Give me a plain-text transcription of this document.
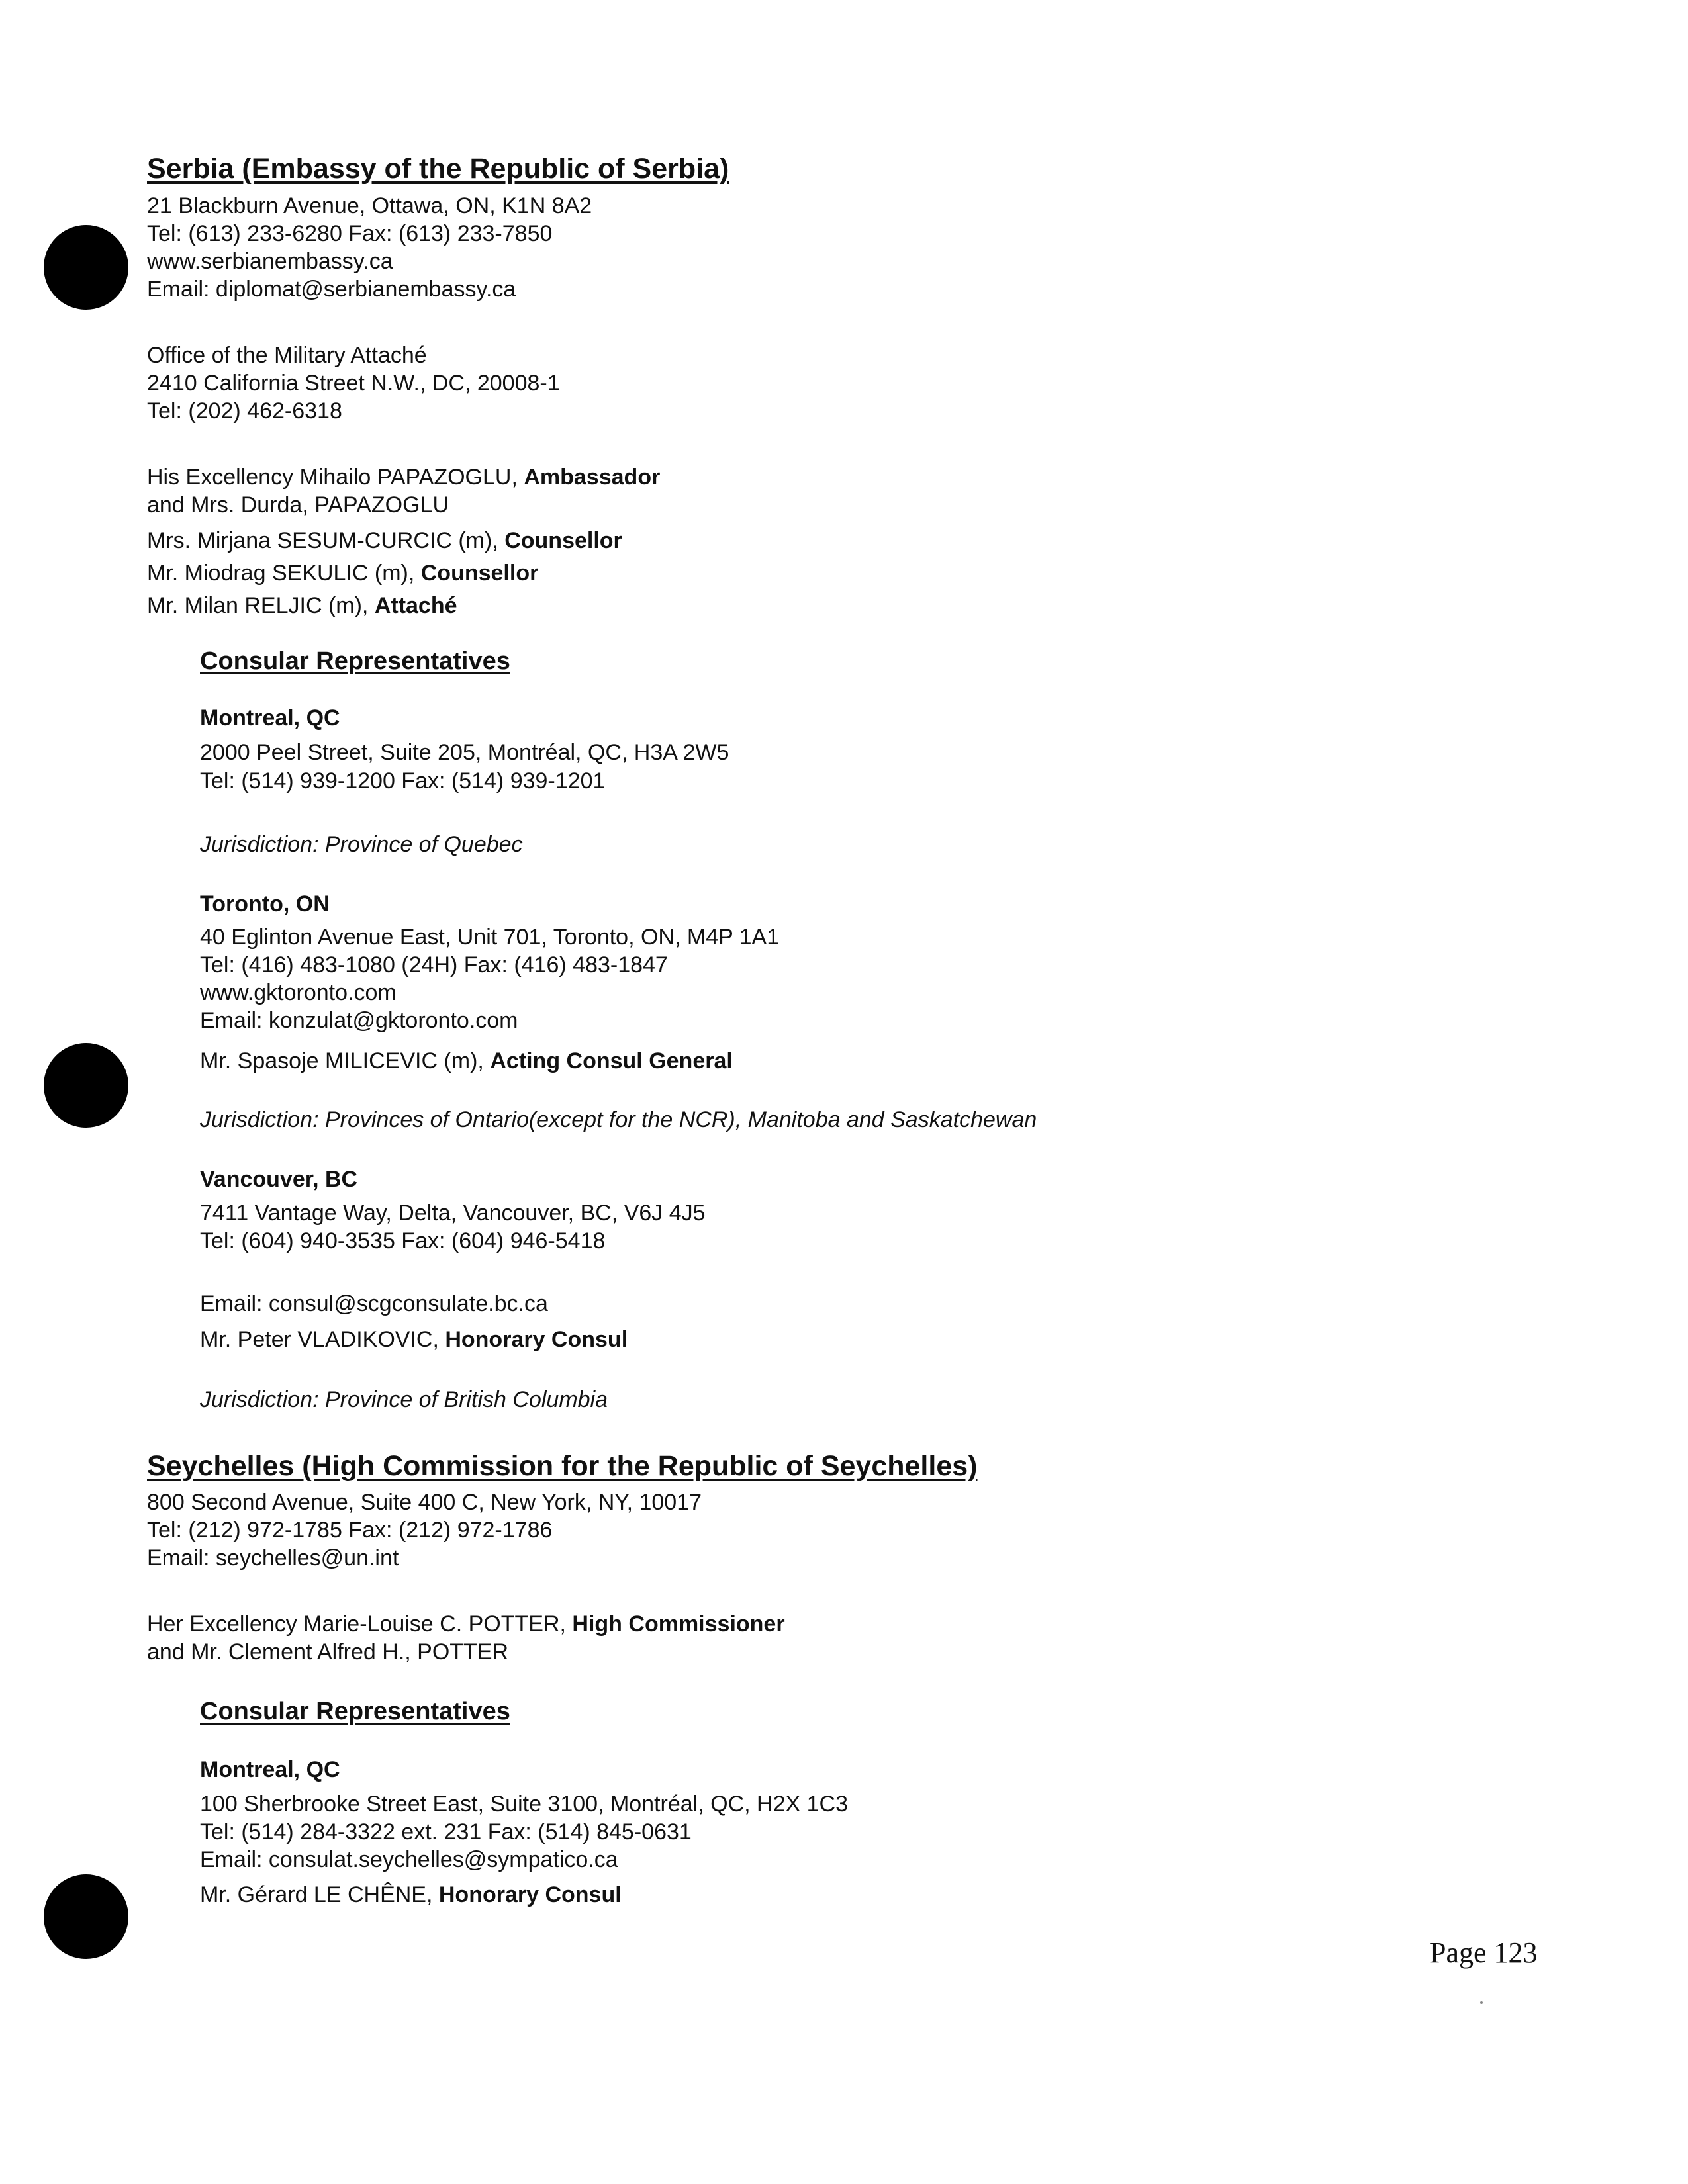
Serbia (Embassy of the Republic of Serbia)
21 Blackburn Avenue, Ottawa, ON, K1N 8A2
Tel: (613) 233-6280 Fax: (613) 233-7850
www.serbianembassy.ca
Email: diplomat@serbianembassy.ca
Office of the Military Attaché
2410 California Street N.W., DC, 20008-1
Tel: (202) 462-6318
His Excellency Mihailo PAPAZOGLU, Ambassador
and Mrs. Durda, PAPAZOGLU
Mrs. Mirjana SESUM-CURCIC (m), Counsellor
Mr. Miodrag SEKULIC (m), Counsellor
Mr. Milan RELJIC (m), Attaché
Consular Representatives
Montreal, QC
2000 Peel Street, Suite 205, Montréal, QC, H3A 2W5
Tel: (514) 939-1200 Fax: (514) 939-1201
Jurisdiction: Province of Quebec
Toronto, ON
40 Eglinton Avenue East, Unit 701, Toronto, ON, M4P 1A1
Tel: (416) 483-1080 (24H) Fax: (416) 483-1847
www.gktoronto.com
Email: konzulat@gktoronto.com
Mr. Spasoje MILICEVIC (m), Acting Consul General
Jurisdiction: Provinces of Ontario(except for the NCR), Manitoba and Saskatchewan
Vancouver, BC
7411 Vantage Way, Delta, Vancouver, BC, V6J 4J5
Tel: (604) 940-3535 Fax: (604) 946-5418
Email: consul@scgconsulate.bc.ca
Mr. Peter VLADIKOVIC, Honorary Consul
Jurisdiction: Province of British Columbia
Seychelles (High Commission for the Republic of Seychelles)
800 Second Avenue, Suite 400 C, New York, NY, 10017
Tel: (212) 972-1785 Fax: (212) 972-1786
Email: seychelles@un.int
Her Excellency Marie-Louise C. POTTER, High Commissioner
and Mr. Clement Alfred H., POTTER
Consular Representatives
Montreal, QC
100 Sherbrooke Street East, Suite 3100, Montréal, QC, H2X 1C3
Tel: (514) 284-3322 ext. 231 Fax: (514) 845-0631
Email: consulat.seychelles@sympatico.ca
Mr. Gérard LE CHÊNE, Honorary Consul
Page 123
